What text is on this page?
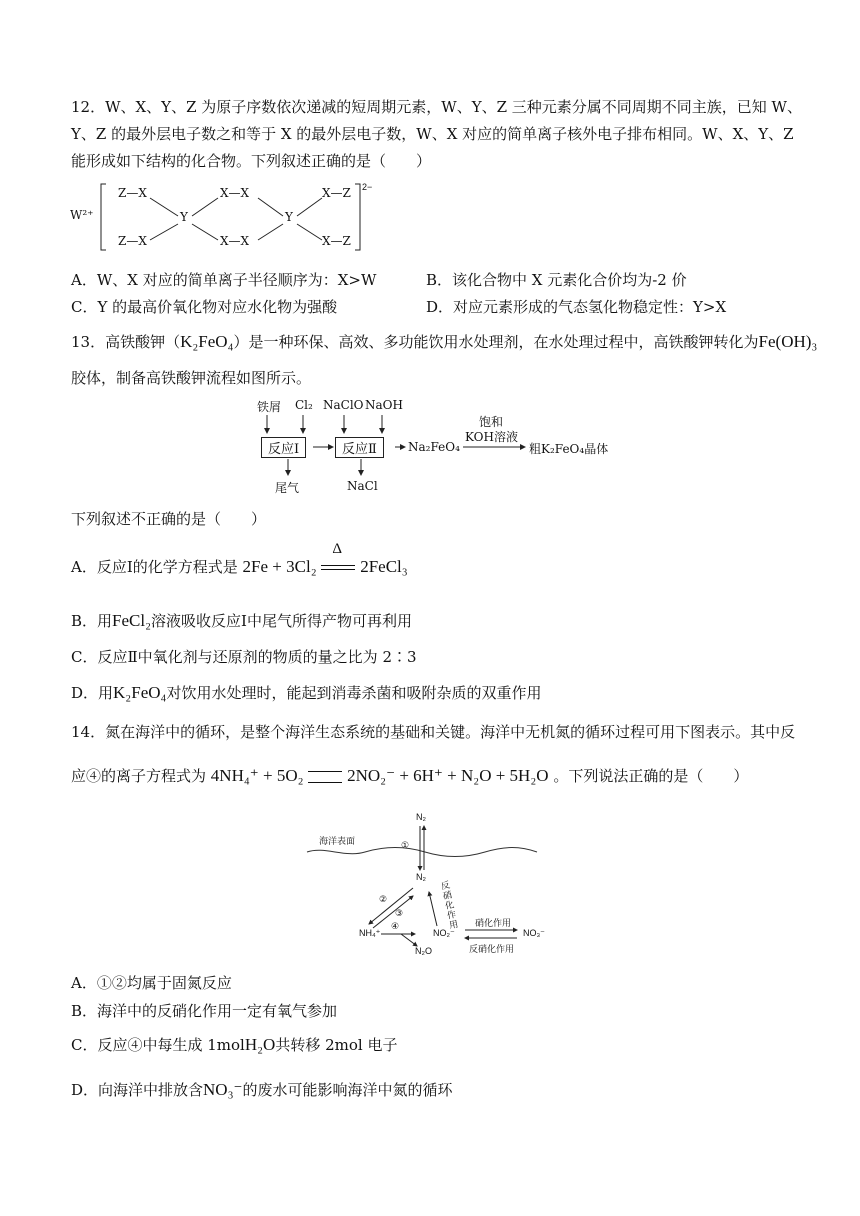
12．W、X、Y、Z 为原子序数依次递减的短周期元素，W、Y、Z 三种元素分属不同周期不同主族，已知 W、
Y、Z 的最外层电子数之和等于 X 的最外层电子数，W、X 对应的简单离子核外电子排布相同。W、X、Y、Z
能形成如下结构的化合物。下列叙述正确的是（　　）
W²⁺
2−
Z—X
Z—X
Y
X—X
X—X
Y
X—Z
X—Z
A．W、X 对应的简单离子半径顺序为：X>W	B．该化合物中 X 元素化合价均为-2 价
C．Y 的最高价氧化物对应水化物为强酸	D．对应元素形成的气态氢化物稳定性：Y>X
13．高铁酸钾（K₂FeO₄）是一种环保、高效、多功能饮用水处理剂，在水处理过程中，高铁酸钾转化为Fe(OH)₃
胶体，制备高铁酸钾流程如图所示。
铁屑 Cl₂ NaClO NaOH
反应Ⅰ	反应Ⅱ	Na₂FeO₄
饱和
KOH溶液
粗K₂FeO₄晶体
尾气	NaCl
下列叙述不正确的是（　　）
A．反应Ⅰ的化学方程式是 2Fe + 3Cl₂
Δ
2FeCl₃
B．用FeCl₂溶液吸收反应Ⅰ中尾气所得产物可再利用
C．反应Ⅱ中氧化剂与还原剂的物质的量之比为 2∶3
D．用K₂FeO₄对饮用水处理时，能起到消毒杀菌和吸附杂质的双重作用
14．氮在海洋中的循环，是整个海洋生态系统的基础和关键。海洋中无机氮的循环过程可用下图表示。其中反
应④的离子方程式为 4NH₄⁺ + 5O₂	2NO₂⁻ + 6H⁺ + N₂O + 5H₂O 。下列说法正确的是（　　）
海洋表面
N₂
①
N₂
②
③
反硝化作用
④
NH₄⁺	NO₂⁻
N₂O
NO₃⁻
硝化作用
反硝化作用
A．①②均属于固氮反应
B．海洋中的反硝化作用一定有氧气参加
C．反应④中每生成 1molH₂O共转移 2mol 电子
D．向海洋中排放含NO₃⁻的废水可能影响海洋中氮的循环
